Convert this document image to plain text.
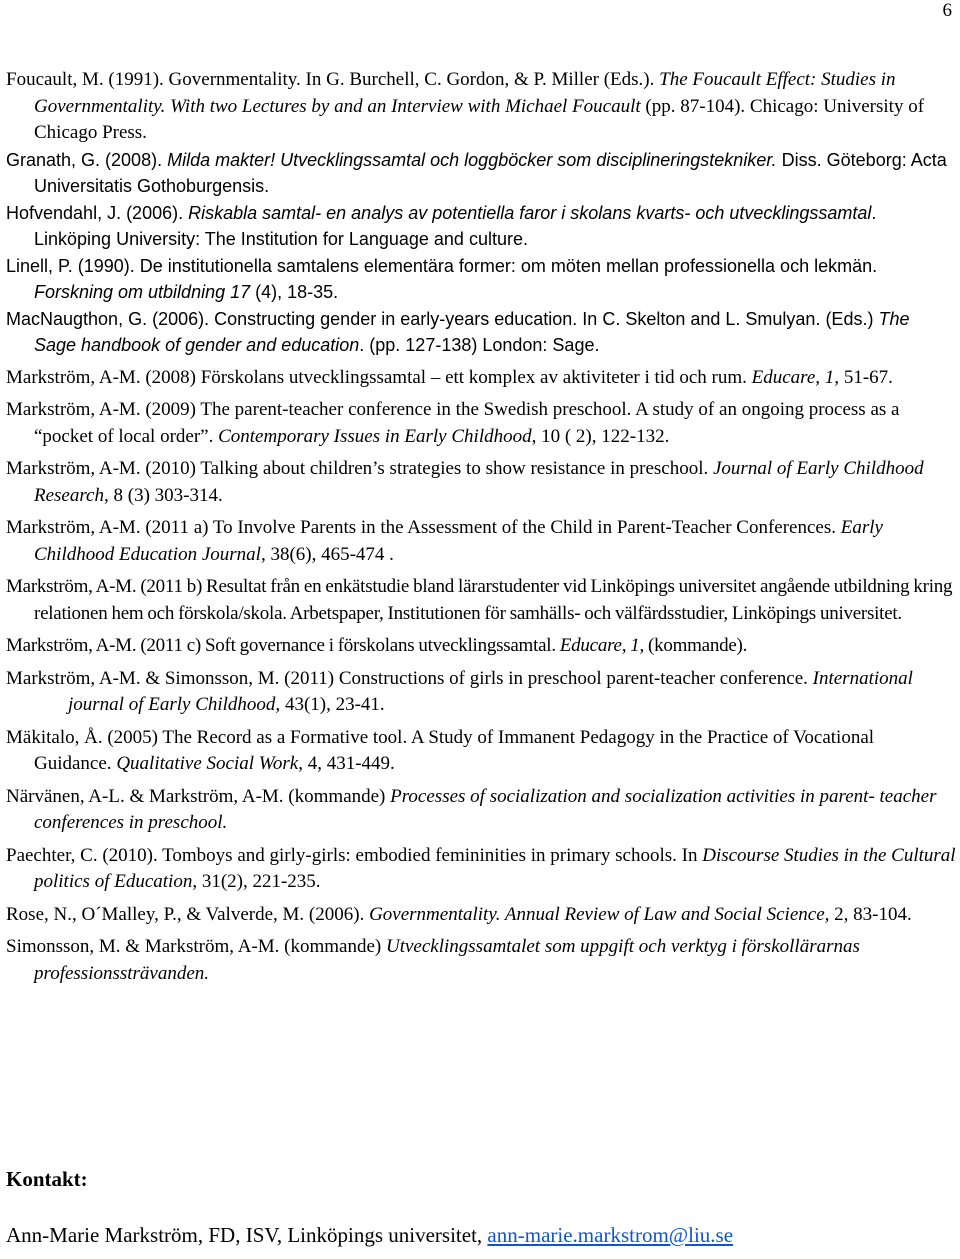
6
Foucault, M. (1991). Governmentality. In G. Burchell, C. Gordon, & P. Miller (Eds.). The Foucault Effect: Studies in Governmentality. With two Lectures by and an Interview with Michael Foucault (pp. 87-104). Chicago: University of Chicago Press.
Granath, G. (2008). Milda makter! Utvecklingssamtal och loggböcker som disciplineringstekniker. Diss. Göteborg: Acta Universitatis Gothoburgensis.
Hofvendahl, J. (2006). Riskabla samtal- en analys av potentiella faror i skolans kvarts- och utvecklingssamtal. Linköping University: The Institution for Language and culture.
Linell, P. (1990). De institutionella samtalens elementära former: om möten mellan professionella och lekmän. Forskning om utbildning 17 (4), 18-35.
MacNaugthon, G. (2006). Constructing gender in early-years education. In C. Skelton and L. Smulyan. (Eds.) The Sage handbook of gender and education. (pp. 127-138) London: Sage.
Markström, A-M. (2008) Förskolans utvecklingssamtal – ett komplex av aktiviteter i tid och rum. Educare, 1, 51-67.
Markström, A-M. (2009) The parent-teacher conference in the Swedish preschool. A study of an ongoing process as a “pocket of local order”. Contemporary Issues in Early Childhood, 10 ( 2), 122-132.
Markström, A-M. (2010) Talking about children’s strategies to show resistance in preschool. Journal of Early Childhood Research, 8 (3) 303-314.
Markström, A-M. (2011 a) To Involve Parents in the Assessment of the Child in Parent-Teacher Conferences. Early Childhood Education Journal, 38(6), 465-474 .
Markström, A-M. (2011 b) Resultat från en enkätstudie bland lärarstudenter vid Linköpings universitet angående utbildning kring relationen hem och förskola/skola. Arbetspaper, Institutionen för samhälls- och välfärdsstudier, Linköpings universitet.
Markström, A-M. (2011 c) Soft governance i förskolans utvecklingssamtal. Educare, 1, (kommande).
Markström, A-M. & Simonsson, M. (2011) Constructions of girls in preschool parent-teacher conference. International journal of Early Childhood, 43(1), 23-41.
Mäkitalo, Å. (2005) The Record as a Formative tool. A Study of Immanent Pedagogy in the Practice of Vocational Guidance. Qualitative Social Work, 4, 431-449.
Närvänen, A-L. & Markström, A-M. (kommande) Processes of socialization and socialization activities in parent- teacher conferences in preschool.
Paechter, C. (2010). Tomboys and girly-girls: embodied femininities in primary schools. In Discourse Studies in the Cultural politics of Education, 31(2), 221-235.
Rose, N., O´Malley, P., & Valverde, M. (2006). Governmentality. Annual Review of Law and Social Science, 2, 83-104.
Simonsson, M. & Markström, A-M. (kommande) Utvecklingssamtalet som uppgift och verktyg i förskollärarnas professionssträvanden.
Kontakt:
Ann-Marie Markström, FD, ISV, Linköpings universitet, ann-marie.markstrom@liu.se
